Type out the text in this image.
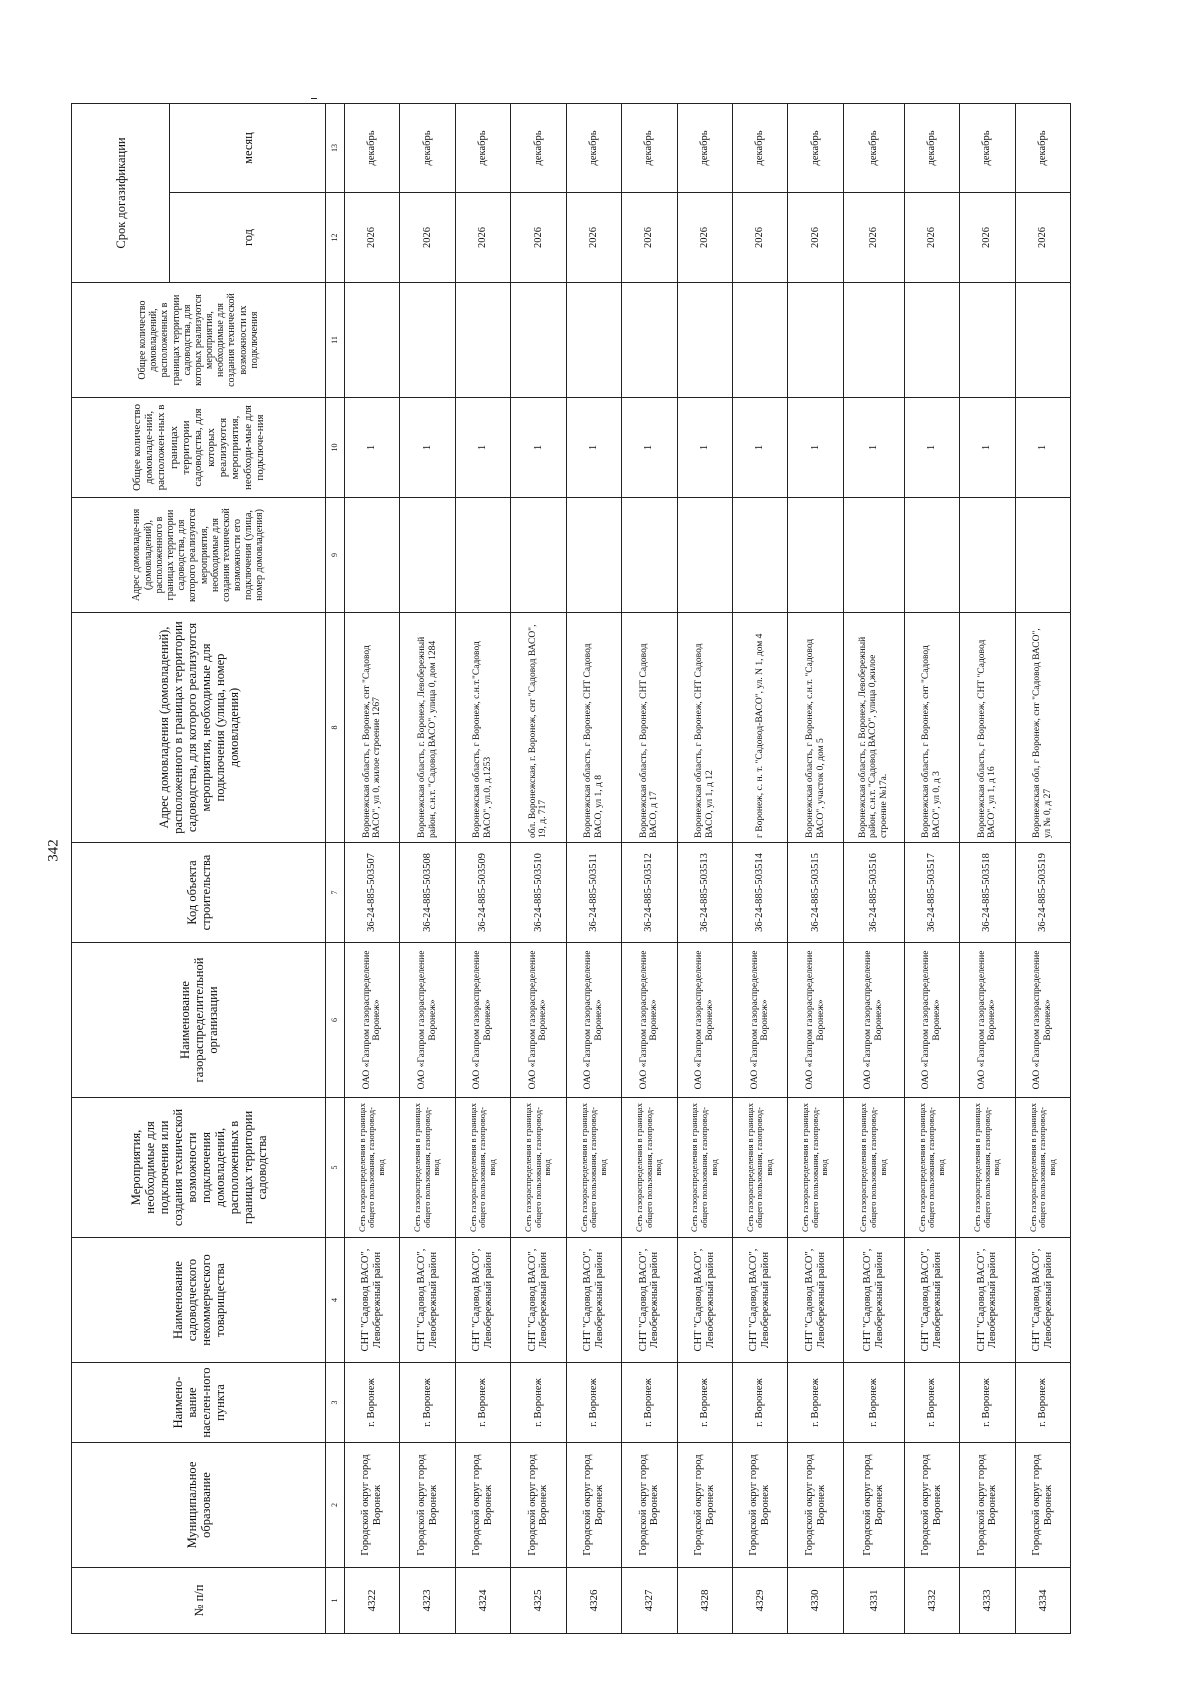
342
№ п/п	Муниципальное образование	Наимено-вание населен-ного пункта	Наименование садоводческого некоммерческого товарищества	Мероприятия, необходимые для подключения или создания технической возможности подключения домовладений, расположенных в границах территории садоводства	Наименование газораспределительной организации	Код объекта строительства	Адрес домовладения (домовладений), расположенного в границах территории садоводства, для которого реализуются мероприятия, необходимые для подключения (улица, номер домовладения)	Адрес домовладе-ния (домовладений), расположенного в границах территории садоводства, для которого реализуются мероприятия, необходимые для создания технической возможности его подключения (улица, номер домовладения)	Общее количество домовладе-ний, расположен-ных в границах территории садоводства, для которых реализуются мероприятия, необходи-мые для подключе-ния	Общее количество домовладений, расположенных в границах территории садоводства, для которых реализуются мероприятия, необходимые для создания технической возможности их подключения	Срок догазификации	
											год	месяц
1	2	3	4	5	6	7	8	9	10	11	12	13
4322	Городской округ город Воронеж	г. Воронеж	СНТ "Садовод ВАСО", Левобережный район	Сеть газораспределения в границах общего пользования, газопровод-ввод	ОАО «Газпром газораспределение Воронеж»	36-24-885-503507	Воронежская область, г Воронеж, снт "Садовод ВАСО", ул 0, жилое строение 1267		1		2026	декабрь
4323	Городской округ город Воронеж	г. Воронеж	СНТ "Садовод ВАСО", Левобережный район	Сеть газораспределения в границах общего пользования, газопровод-ввод	ОАО «Газпром газораспределение Воронеж»	36-24-885-503508	Воронежская область, г. Воронеж, Левобережный район, с.н.т. "Садовод ВАСО", улица 0, дом 1284		1		2026	декабрь
4324	Городской округ город Воронеж	г. Воронеж	СНТ "Садовод ВАСО", Левобережный район	Сеть газораспределения в границах общего пользования, газопровод-ввод	ОАО «Газпром газораспределение Воронеж»	36-24-885-503509	Воронежская область, г Воронеж, с.н.т."Садовод ВАСО", ул.0, д.1253		1		2026	декабрь
4325	Городской округ город Воронеж	г. Воронеж	СНТ "Садовод ВАСО", Левобережный район	Сеть газораспределения в границах общего пользования, газопровод-ввод	ОАО «Газпром газораспределение Воронеж»	36-24-885-503510	обл. Воронежская, г. Воронеж, снт "Садовод ВАСО", 19, д. 717		1		2026	декабрь
4326	Городской округ город Воронеж	г. Воронеж	СНТ "Садовод ВАСО", Левобережный район	Сеть газораспределения в границах общего пользования, газопровод-ввод	ОАО «Газпром газораспределение Воронеж»	36-24-885-503511	Воронежская область, г Воронеж, СНТ Садовод ВАСО, ул 1, д 8		1		2026	декабрь
4327	Городской округ город Воронеж	г. Воронеж	СНТ "Садовод ВАСО", Левобережный район	Сеть газораспределения в границах общего пользования, газопровод-ввод	ОАО «Газпром газораспределение Воронеж»	36-24-885-503512	Воронежская область, г Воронеж, СНТ Садовод ВАСО, д 17		1		2026	декабрь
4328	Городской округ город Воронеж	г. Воронеж	СНТ "Садовод ВАСО", Левобережный район	Сеть газораспределения в границах общего пользования, газопровод-ввод	ОАО «Газпром газораспределение Воронеж»	36-24-885-503513	Воронежская область, г Воронеж, СНТ Садовод ВАСО, ул 1, д 12		1		2026	декабрь
4329	Городской округ город Воронеж	г. Воронеж	СНТ "Садовод ВАСО", Левобережный район	Сеть газораспределения в границах общего пользования, газопровод-ввод	ОАО «Газпром газораспределение Воронеж»	36-24-885-503514	г Воронеж, с. н. т. "Садовод-ВАСО", ул. N 1, дом 4		1		2026	декабрь
4330	Городской округ город Воронеж	г. Воронеж	СНТ "Садовод ВАСО", Левобережный район	Сеть газораспределения в границах общего пользования, газопровод-ввод	ОАО «Газпром газораспределение Воронеж»	36-24-885-503515	Воронежская область, г Воронеж, с.н.т. "Садовод ВАСО", участок 0, дом 5		1		2026	декабрь
4331	Городской округ город Воронеж	г. Воронеж	СНТ "Садовод ВАСО", Левобережный район	Сеть газораспределения в границах общего пользования, газопровод-ввод	ОАО «Газпром газораспределение Воронеж»	36-24-885-503516	Воронежская область, г. Воронеж, Левобережный район, с.н.т. "Садовод ВАСО", улица 0,жилое строение №17а.		1		2026	декабрь
4332	Городской округ город Воронеж	г. Воронеж	СНТ "Садовод ВАСО", Левобережный район	Сеть газораспределения в границах общего пользования, газопровод-ввод	ОАО «Газпром газораспределение Воронеж»	36-24-885-503517	Воронежская область, г Воронеж, снт "Садовод ВАСО", ул 0, д 3		1		2026	декабрь
4333	Городской округ город Воронеж	г. Воронеж	СНТ "Садовод ВАСО", Левобережный район	Сеть газораспределения в границах общего пользования, газопровод-ввод	ОАО «Газпром газораспределение Воронеж»	36-24-885-503518	Воронежская область, г Воронеж, СНТ "Садовод ВАСО", ул 1, д 16		1		2026	декабрь
4334	Городской округ город Воронеж	г. Воронеж	СНТ "Садовод ВАСО", Левобережный район	Сеть газораспределения в границах общего пользования, газопровод-ввод	ОАО «Газпром газораспределение Воронеж»	36-24-885-503519	Воронежская обл, г Воронеж, снт "Садовод ВАСО", ул № 0, д 27		1		2026	декабрь
